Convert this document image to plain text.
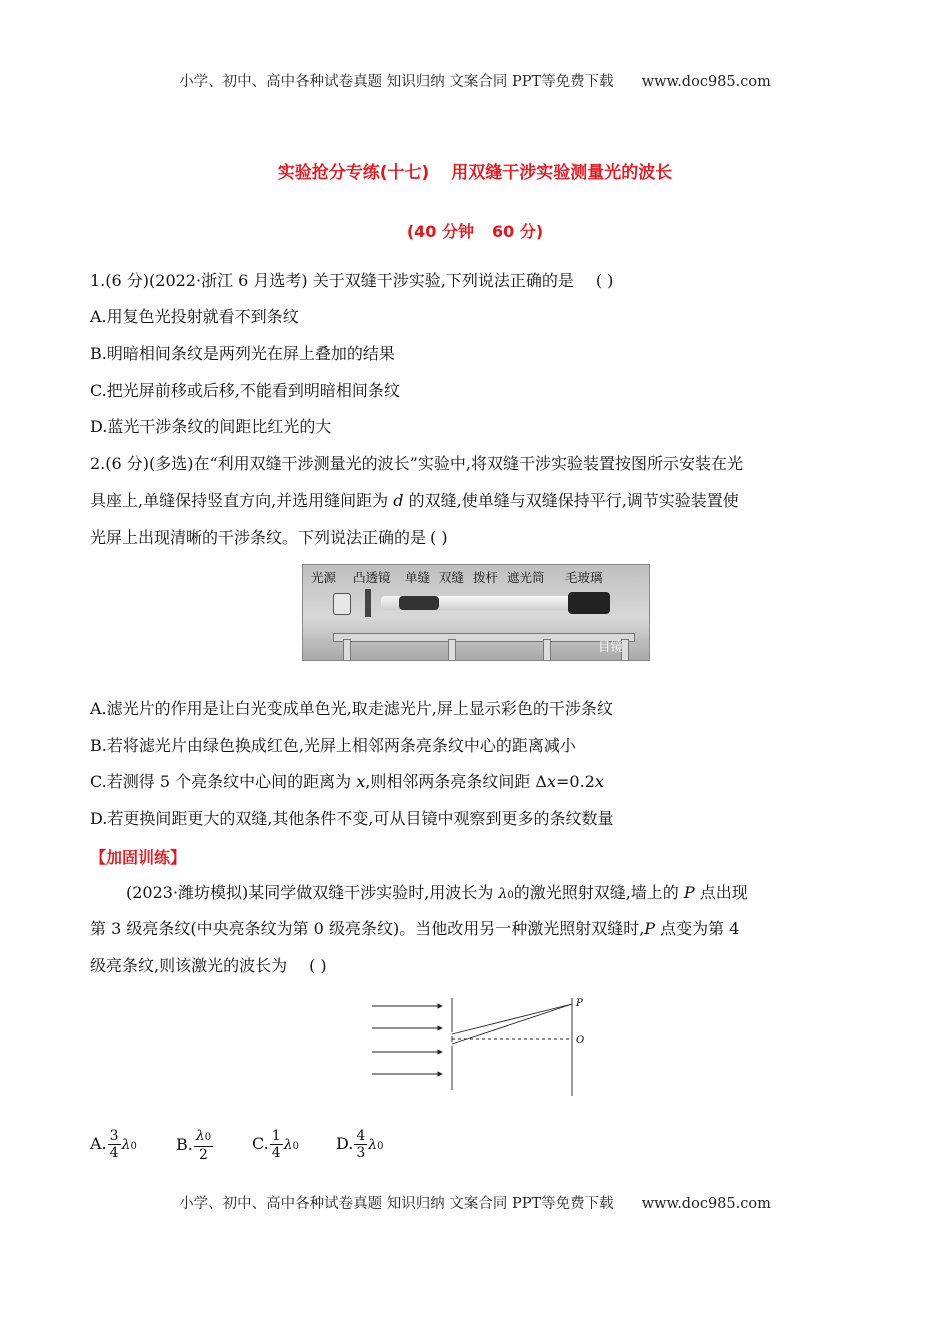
小学、初中、高中各种试卷真题 知识归纳 文案合同 PPT等免费下载 www.doc985.com
实验抢分专练(十七) 用双缝干涉实验测量光的波长
(40 分钟 60 分)
1.(6 分)(2022·浙江 6 月选考) 关于双缝干涉实验,下列说法正确的是 ( )
A.用复色光投射就看不到条纹
B.明暗相间条纹是两列光在屏上叠加的结果
C.把光屏前移或后移,不能看到明暗相间条纹
D.蓝光干涉条纹的间距比红光的大
2.(6 分)(多选)在“利用双缝干涉测量光的波长”实验中,将双缝干涉实验装置按图所示安装在光
具座上,单缝保持竖直方向,并选用缝间距为 d 的双缝,使单缝与双缝保持平行,调节实验装置使
光屏上出现清晰的干涉条纹。下列说法正确的是 ( )
光源 凸透镜 单缝 双缝 拨杆 遮光筒 毛玻璃
目镜
A.滤光片的作用是让白光变成单色光,取走滤光片,屏上显示彩色的干涉条纹
B.若将滤光片由绿色换成红色,光屏上相邻两条亮条纹中心的距离减小
C.若测得 5 个亮条纹中心间的距离为 x,则相邻两条亮条纹间距 Δx=0.2x
D.若更换间距更大的双缝,其他条件不变,可从目镜中观察到更多的条纹数量
【加固训练】
(2023·潍坊模拟)某同学做双缝干涉实验时,用波长为 λ0的激光照射双缝,墙上的 P 点出现
第 3 级亮条纹(中央亮条纹为第 0 级亮条纹)。当他改用另一种激光照射双缝时,P 点变为第 4
级亮条纹,则该激光的波长为 ( )
P
O
A. $\frac{3}{4} \lambda 0$ B. $\frac{\lambda 0}{2} C$. $\frac{1}{4} \lambda 0$ D. $\frac{4}{3} \lambda 0$
小学、初中、高中各种试卷真题 知识归纳 文案合同 PPT等免费下载 www.doc985.com
